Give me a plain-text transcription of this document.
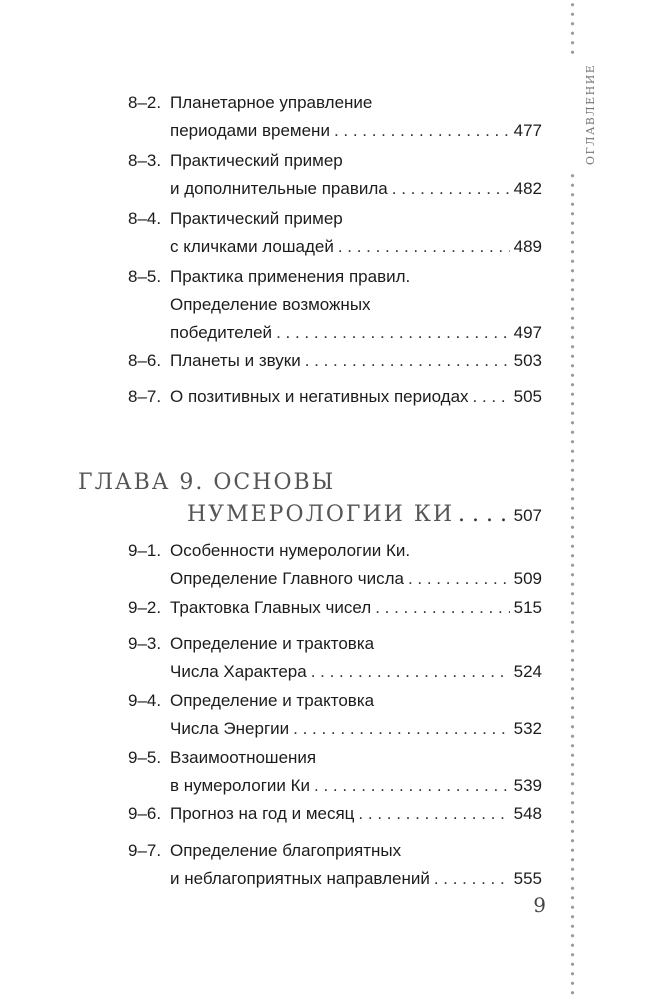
ОГЛАВЛЕНИЕ
8–2. Планетарное управление
периодами времени . . .	477
8–3. Практический пример
и дополнительные правила . . .	482
8–4. Практический пример
с кличками лошадей . . .	489
8–5. Практика применения правил.
Определение возможных
победителей . . .	497
8–6. Планеты и звуки . . .	503
8–7. О позитивных и негативных периодах . . .	505
ГЛАВА 9. ОСНОВЫ
НУМЕРОЛОГИИ КИ . . .	507
9–1. Особенности нумерологии Ки.
Определение Главного числа . . .	509
9–2. Трактовка Главных чисел . . .	515
9–3. Определение и трактовка
Числа Характера . . .	524
9–4. Определение и трактовка
Числа Энергии . . .	532
9–5. Взаимоотношения
в нумерологии Ки . . .	539
9–6. Прогноз на год и месяц . . .	548
9–7. Определение благоприятных
и неблагоприятных направлений . . .	555
9
